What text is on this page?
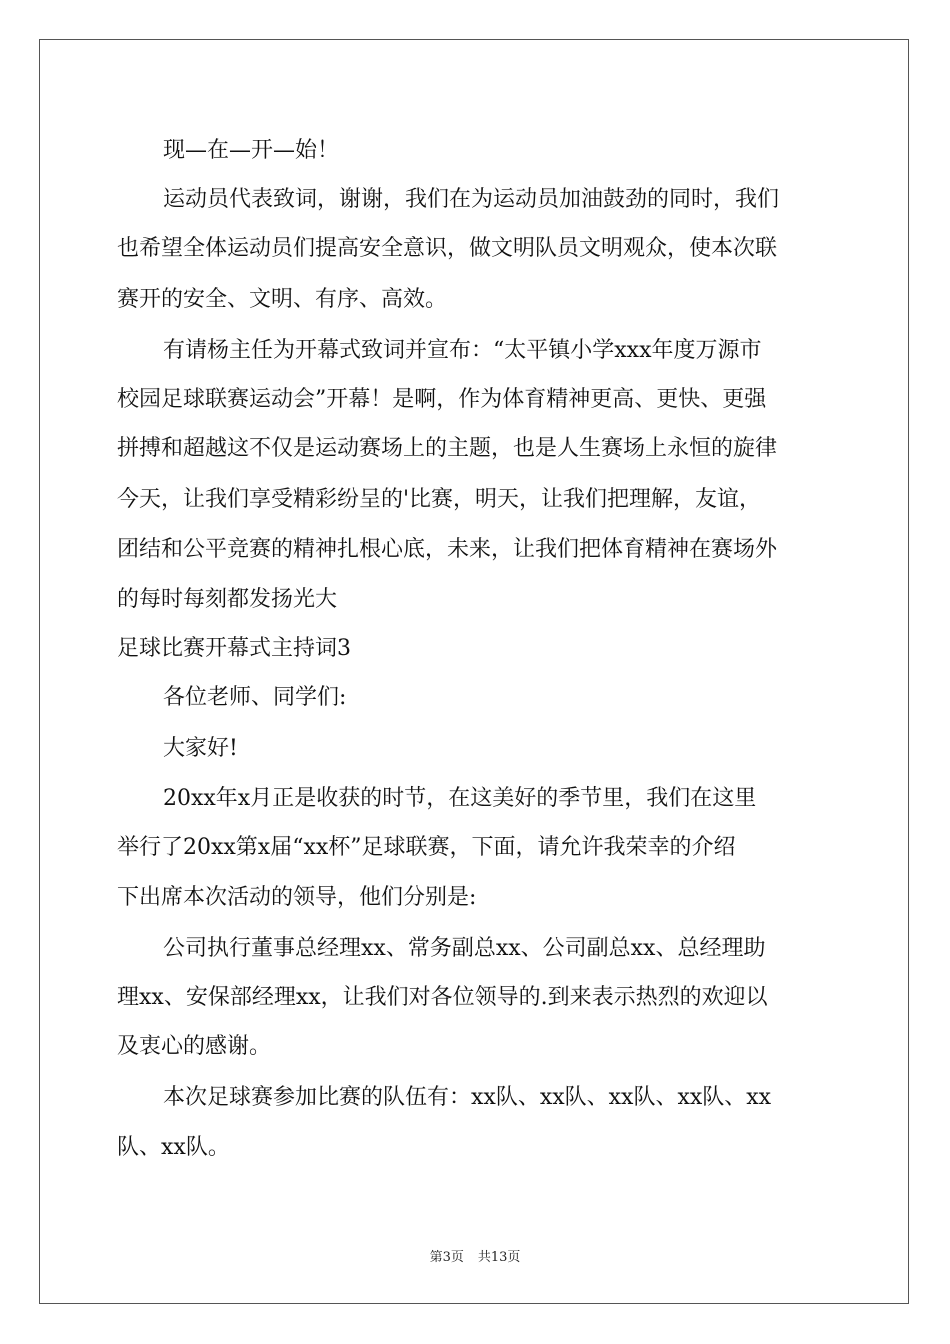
现—在—开—始！
运动员代表致词，谢谢，我们在为运动员加油鼓劲的同时，我们
也希望全体运动员们提高安全意识，做文明队员文明观众，使本次联
赛开的安全、文明、有序、高效。
有请杨主任为开幕式致词并宣布：“太平镇小学xxx年度万源市
校园足球联赛运动会”开幕！是啊，作为体育精神更高、更快、更强
拼搏和超越这不仅是运动赛场上的主题，也是人生赛场上永恒的旋律
今天，让我们享受精彩纷呈的'比赛，明天，让我们把理解，友谊，
团结和公平竞赛的精神扎根心底，未来，让我们把体育精神在赛场外
的每时每刻都发扬光大
足球比赛开幕式主持词3
各位老师、同学们:
大家好!
20xx年x月正是收获的时节，在这美好的季节里，我们在这里
举行了20xx第x届“xx杯”足球联赛，下面，请允许我荣幸的介绍
下出席本次活动的领导，他们分别是:
公司执行董事总经理xx、常务副总xx、公司副总xx、总经理助
理xx、安保部经理xx，让我们对各位领导的.到来表示热烈的欢迎以
及衷心的感谢。
本次足球赛参加比赛的队伍有：xx队、xx队、xx队、xx队、xx
队、xx队。
第3页 共13页
